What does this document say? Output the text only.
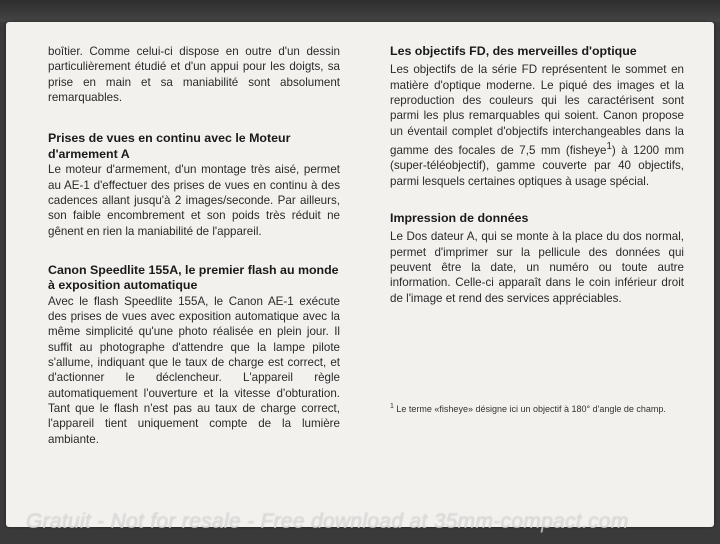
boîtier. Comme celui-ci dispose en outre d'un dessin particulièrement étudié et d'un appui pour les doigts, sa prise en main et sa maniabilité sont absolument remarquables.

Prises de vues en continu avec le Moteur d'armement A

Le moteur d'armement, d'un montage très aisé, permet au AE-1 d'effectuer des prises de vues en continu à des cadences allant jusqu'à 2 images/seconde. Par ailleurs, son faible encombrement et son poids très réduit ne gênent en rien la maniabilité de l'appareil.

Canon Speedlite 155A, le premier flash au monde à exposition automatique

Avec le flash Speedlite 155A, le Canon AE-1 exécute des prises de vues avec exposition automatique avec la même simplicité qu'une photo réalisée en plein jour. Il suffit au photographe d'attendre que la lampe pilote s'allume, indiquant que le taux de charge est correct, et d'actionner le déclencheur. L'appareil règle automatiquement l'ouverture et la vitesse d'obturation. Tant que le flash n'est pas au taux de charge correct, l'appareil tient uniquement compte de la lumière ambiante.

Les objectifs FD, des merveilles d'optique

Les objectifs de la série FD représentent le sommet en matière d'optique moderne. Le piqué des images et la reproduction des couleurs qui les caractérisent sont parmi les plus remarquables qui soient. Canon propose un éventail complet d'objectifs interchangeables dans la gamme des focales de 7,5 mm (fisheye$^1$) à 1200 mm (super-téléobjectif), gamme couverte par 40 objectifs, parmi lesquels certaines optiques à usage spécial.

Impression de données

Le Dos dateur A, qui se monte à la place du dos normal, permet d'imprimer sur la pellicule des données qui peuvent être la date, un numéro ou toute autre information. Celle-ci apparaît dans le coin inférieur droit de l'image et rend des services appréciables.

$^1$ Le terme «fisheye» désigne ici un objectif à 180° d'angle de champ.

Gratuit - Not for resale - Free download at 35mm-compact.com
